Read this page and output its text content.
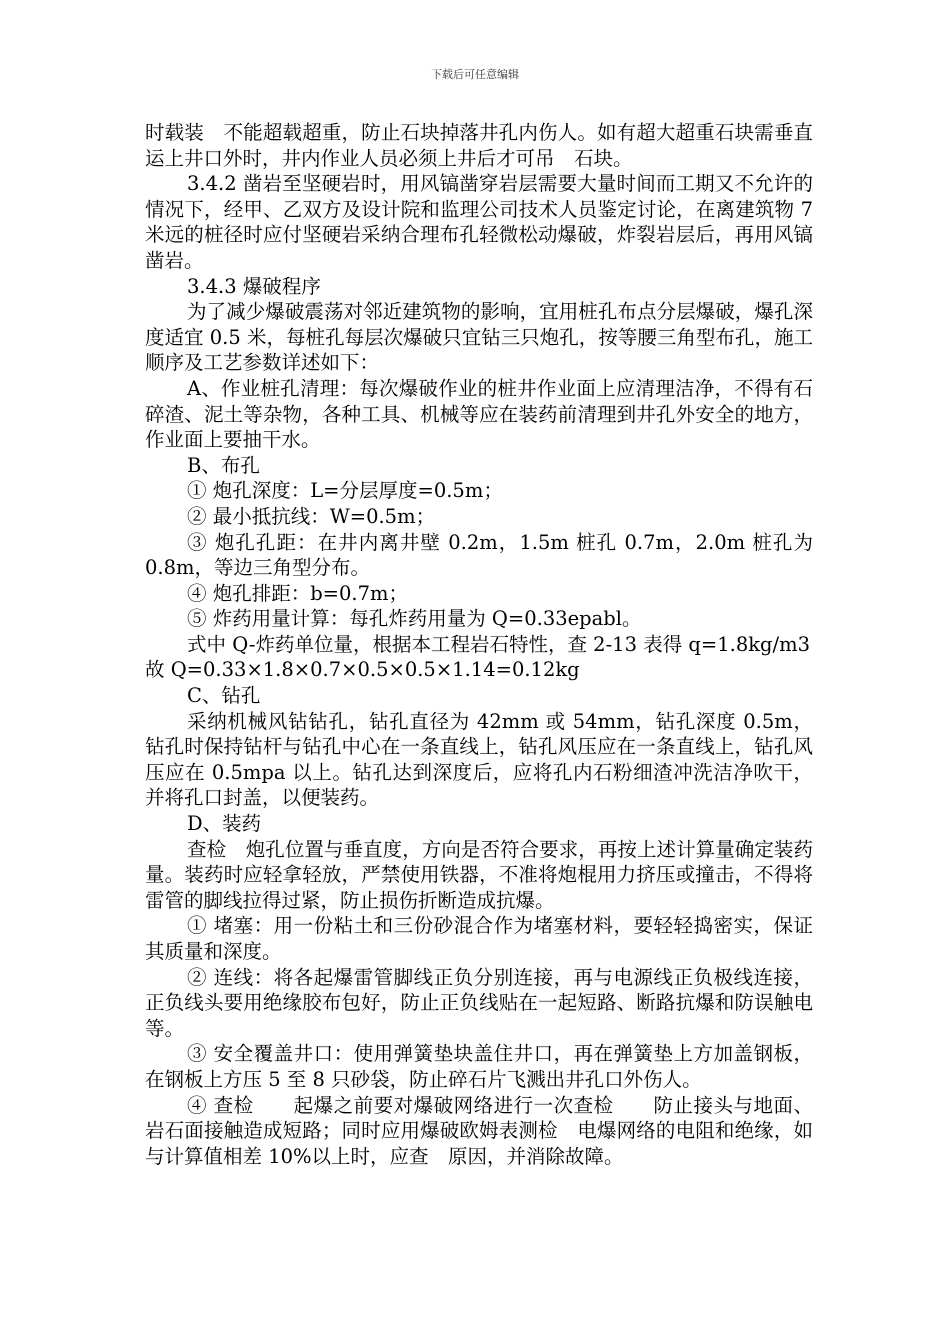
下载后可任意编辑

时载装　不能超载超重，防止石块掉落井孔内伤人。如有超大超重石块需垂直运上井口外时，井内作业人员必须上井后才可吊　石块。

3.4.2 凿岩至坚硬岩时，用风镐凿穿岩层需要大量时间而工期又不允许的情况下，经甲、乙双方及设计院和监理公司技术人员鉴定讨论，在离建筑物 7 米远的桩径时应付坚硬岩采纳合理布孔轻微松动爆破，炸裂岩层后，再用风镐凿岩。

3.4.3 爆破程序

为了减少爆破震荡对邻近建筑物的影响，宜用桩孔布点分层爆破，爆孔深度适宜 0.5 米，每桩孔每层次爆破只宜钻三只炮孔，按等腰三角型布孔，施工顺序及工艺参数详述如下：

A、作业桩孔清理：每次爆破作业的桩井作业面上应清理洁净，不得有石碎渣、泥土等杂物，各种工具、机械等应在装药前清理到井孔外安全的地方，作业面上要抽干水。

B、布孔

① 炮孔深度：L=分层厚度=0.5m；

② 最小抵抗线：W=0.5m；

③ 炮孔孔距：在井内离井壁 0.2m，1.5m 桩孔 0.7m，2.0m 桩孔为 0.8m，等边三角型分布。

④ 炮孔排距：b=0.7m；

⑤ 炸药用量计算：每孔炸药用量为 Q=0.33epabl。

式中 Q-炸药单位量，根据本工程岩石特性，查 2-13 表得 q=1.8kg/m3

故 Q=0.33×1.8×0.7×0.5×0.5×1.14=0.12kg

C、钻孔

采纳机械风钻钻孔，钻孔直径为 42mm 或 54mm，钻孔深度 0.5m，钻孔时保持钻杆与钻孔中心在一条直线上，钻孔风压应在一条直线上，钻孔风压应在 0.5mpa 以上。钻孔达到深度后，应将孔内石粉细渣冲洗洁净吹干，并将孔口封盖，以便装药。

D、装药

查检　炮孔位置与垂直度，方向是否符合要求，再按上述计算量确定装药量。装药时应轻拿轻放，严禁使用铁器，不准将炮棍用力挤压或撞击，不得将雷管的脚线拉得过紧，防止损伤折断造成抗爆。

① 堵塞：用一份粘土和三份砂混合作为堵塞材料，要轻轻捣密实，保证其质量和深度。

② 连线：将各起爆雷管脚线正负分别连接，再与电源线正负极线连接，正负线头要用绝缘胶布包好，防止正负线贴在一起短路、断路抗爆和防误触电等。

③ 安全覆盖井口：使用弹簧垫块盖住井口，再在弹簧垫上方加盖钢板，在钢板上方压 5 至 8 只砂袋，防止碎石片飞溅出井孔口外伤人。

④ 查检　　起爆之前要对爆破网络进行一次查检　　防止接头与地面、岩石面接触造成短路；同时应用爆破欧姆表测检　电爆网络的电阻和绝缘，如与计算值相差 10%以上时，应查　原因，并消除故障。
